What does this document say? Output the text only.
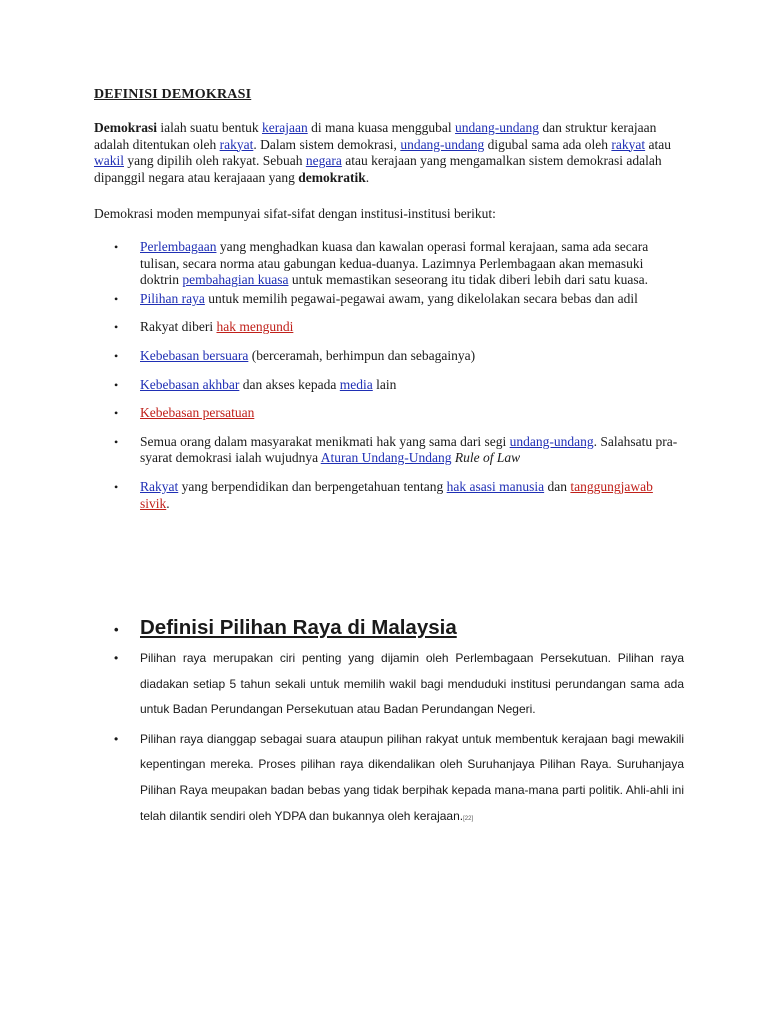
DEFINISI DEMOKRASI

Demokrasi ialah suatu bentuk kerajaan di mana kuasa menggubal undang-undang dan struktur kerajaan adalah ditentukan oleh rakyat. Dalam sistem demokrasi, undang-undang digubal sama ada oleh rakyat atau wakil yang dipilih oleh rakyat. Sebuah negara atau kerajaan yang mengamalkan sistem demokrasi adalah dipanggil negara atau kerajaaan yang demokratik.

Demokrasi moden mempunyai sifat-sifat dengan institusi-institusi berikut:

• Perlembagaan yang menghadkan kuasa dan kawalan operasi formal kerajaan, sama ada secara tulisan, secara norma atau gabungan kedua-duanya. Lazimnya Perlembagaan akan memasuki doktrin pembahagian kuasa untuk memastikan seseorang itu tidak diberi lebih dari satu kuasa.
• Pilihan raya untuk memilih pegawai-pegawai awam, yang dikelolakan secara bebas dan adil
• Rakyat diberi hak mengundi
• Kebebasan bersuara (berceramah, berhimpun dan sebagainya)
• Kebebasan akhbar dan akses kepada media lain
• Kebebasan persatuan
• Semua orang dalam masyarakat menikmati hak yang sama dari segi undang-undang. Salahsatu pra-syarat demokrasi ialah wujudnya Aturan Undang-Undang Rule of Law
• Rakyat yang berpendidikan dan berpengetahuan tentang hak asasi manusia dan tanggungjawab sivik.
• Definisi Pilihan Raya di Malaysia
• Pilihan raya merupakan ciri penting yang dijamin oleh Perlembagaan Persekutuan. Pilihan raya diadakan setiap 5 tahun sekali untuk memilih wakil bagi menduduki institusi perundangan sama ada untuk Badan Perundangan Persekutuan atau Badan Perundangan Negeri.
• Pilihan raya dianggap sebagai suara ataupun pilihan rakyat untuk membentuk kerajaan bagi mewakili kepentingan mereka. Proses pilihan raya dikendalikan oleh Suruhanjaya Pilihan Raya. Suruhanjaya Pilihan Raya meupakan badan bebas yang tidak berpihak kepada mana-mana parti politik. Ahli-ahli ini telah dilantik sendiri oleh YDPA dan bukannya oleh kerajaan.[22]
